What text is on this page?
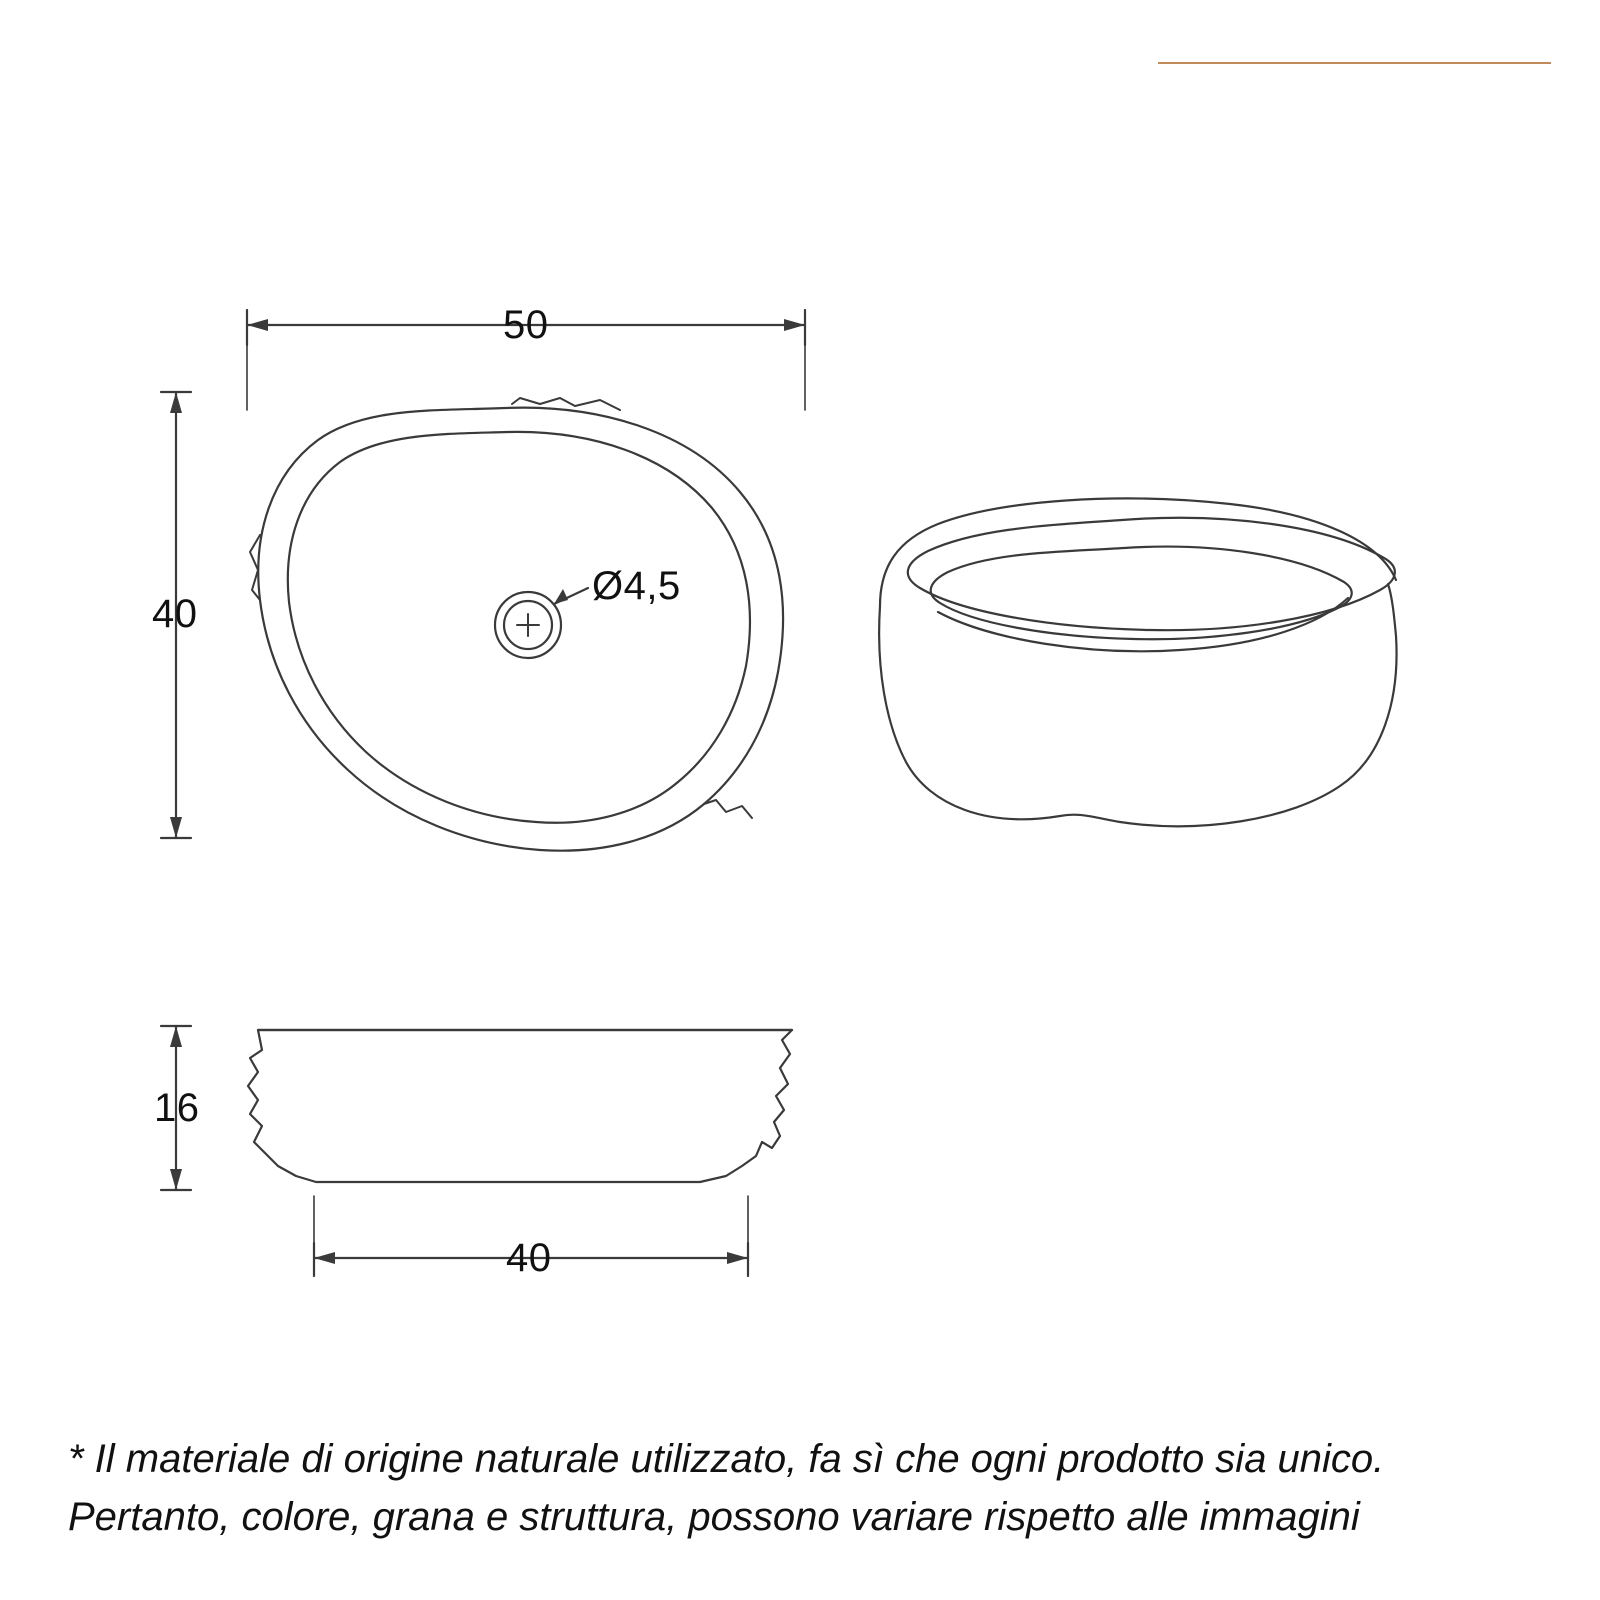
50
40
Ø4,5
16
40
* Il materiale di origine naturale utilizzato, fa sì che ogni prodotto sia unico.
Pertanto, colore, grana e struttura, possono variare rispetto alle immagini
